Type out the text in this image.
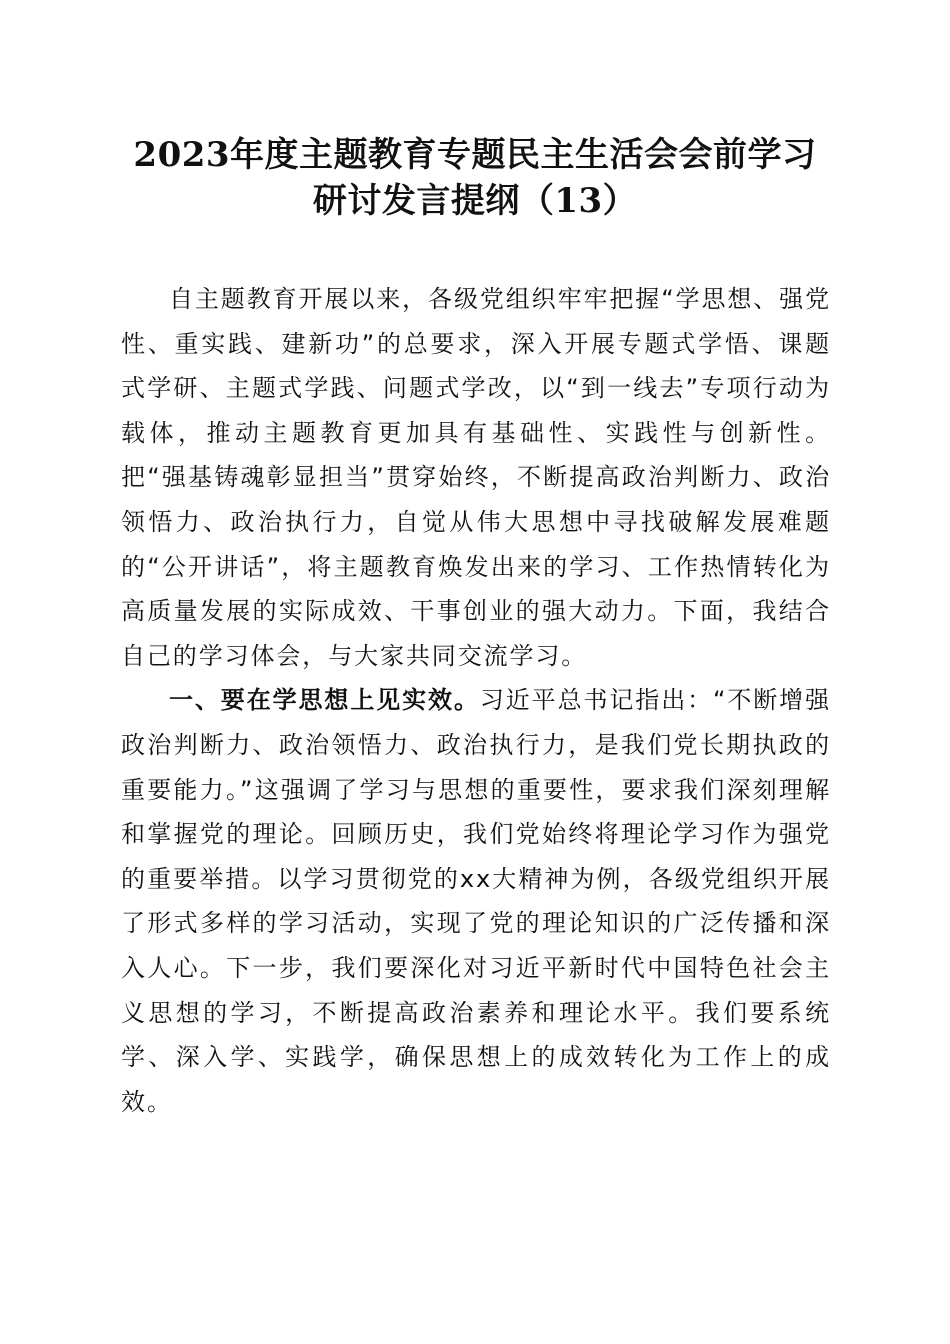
2023年度主题教育专题民主生活会会前学习
研讨发言提纲（13）

自主题教育开展以来，各级党组织牢牢把握“学思想、强党性、重实践、建新功”的总要求，深入开展专题式学悟、课题式学研、主题式学践、问题式学改，以“到一线去”专项行动为载体，推动主题教育更加具有基础性、实践性与创新性。把“强基铸魂彰显担当”贯穿始终，不断提高政治判断力、政治领悟力、政治执行力，自觉从伟大思想中寻找破解发展难题的“公开讲话”，将主题教育焕发出来的学习、工作热情转化为高质量发展的实际成效、干事创业的强大动力。下面，我结合自己的学习体会，与大家共同交流学习。

一、要在学思想上见实效。习近平总书记指出：“不断增强政治判断力、政治领悟力、政治执行力，是我们党长期执政的重要能力。”这强调了学习与思想的重要性，要求我们深刻理解和掌握党的理论。回顾历史，我们党始终将理论学习作为强党的重要举措。以学习贯彻党的xx大精神为例，各级党组织开展了形式多样的学习活动，实现了党的理论知识的广泛传播和深入人心。下一步，我们要深化对习近平新时代中国特色社会主义思想的学习，不断提高政治素养和理论水平。我们要系统学、深入学、实践学，确保思想上的成效转化为工作上的成效。
